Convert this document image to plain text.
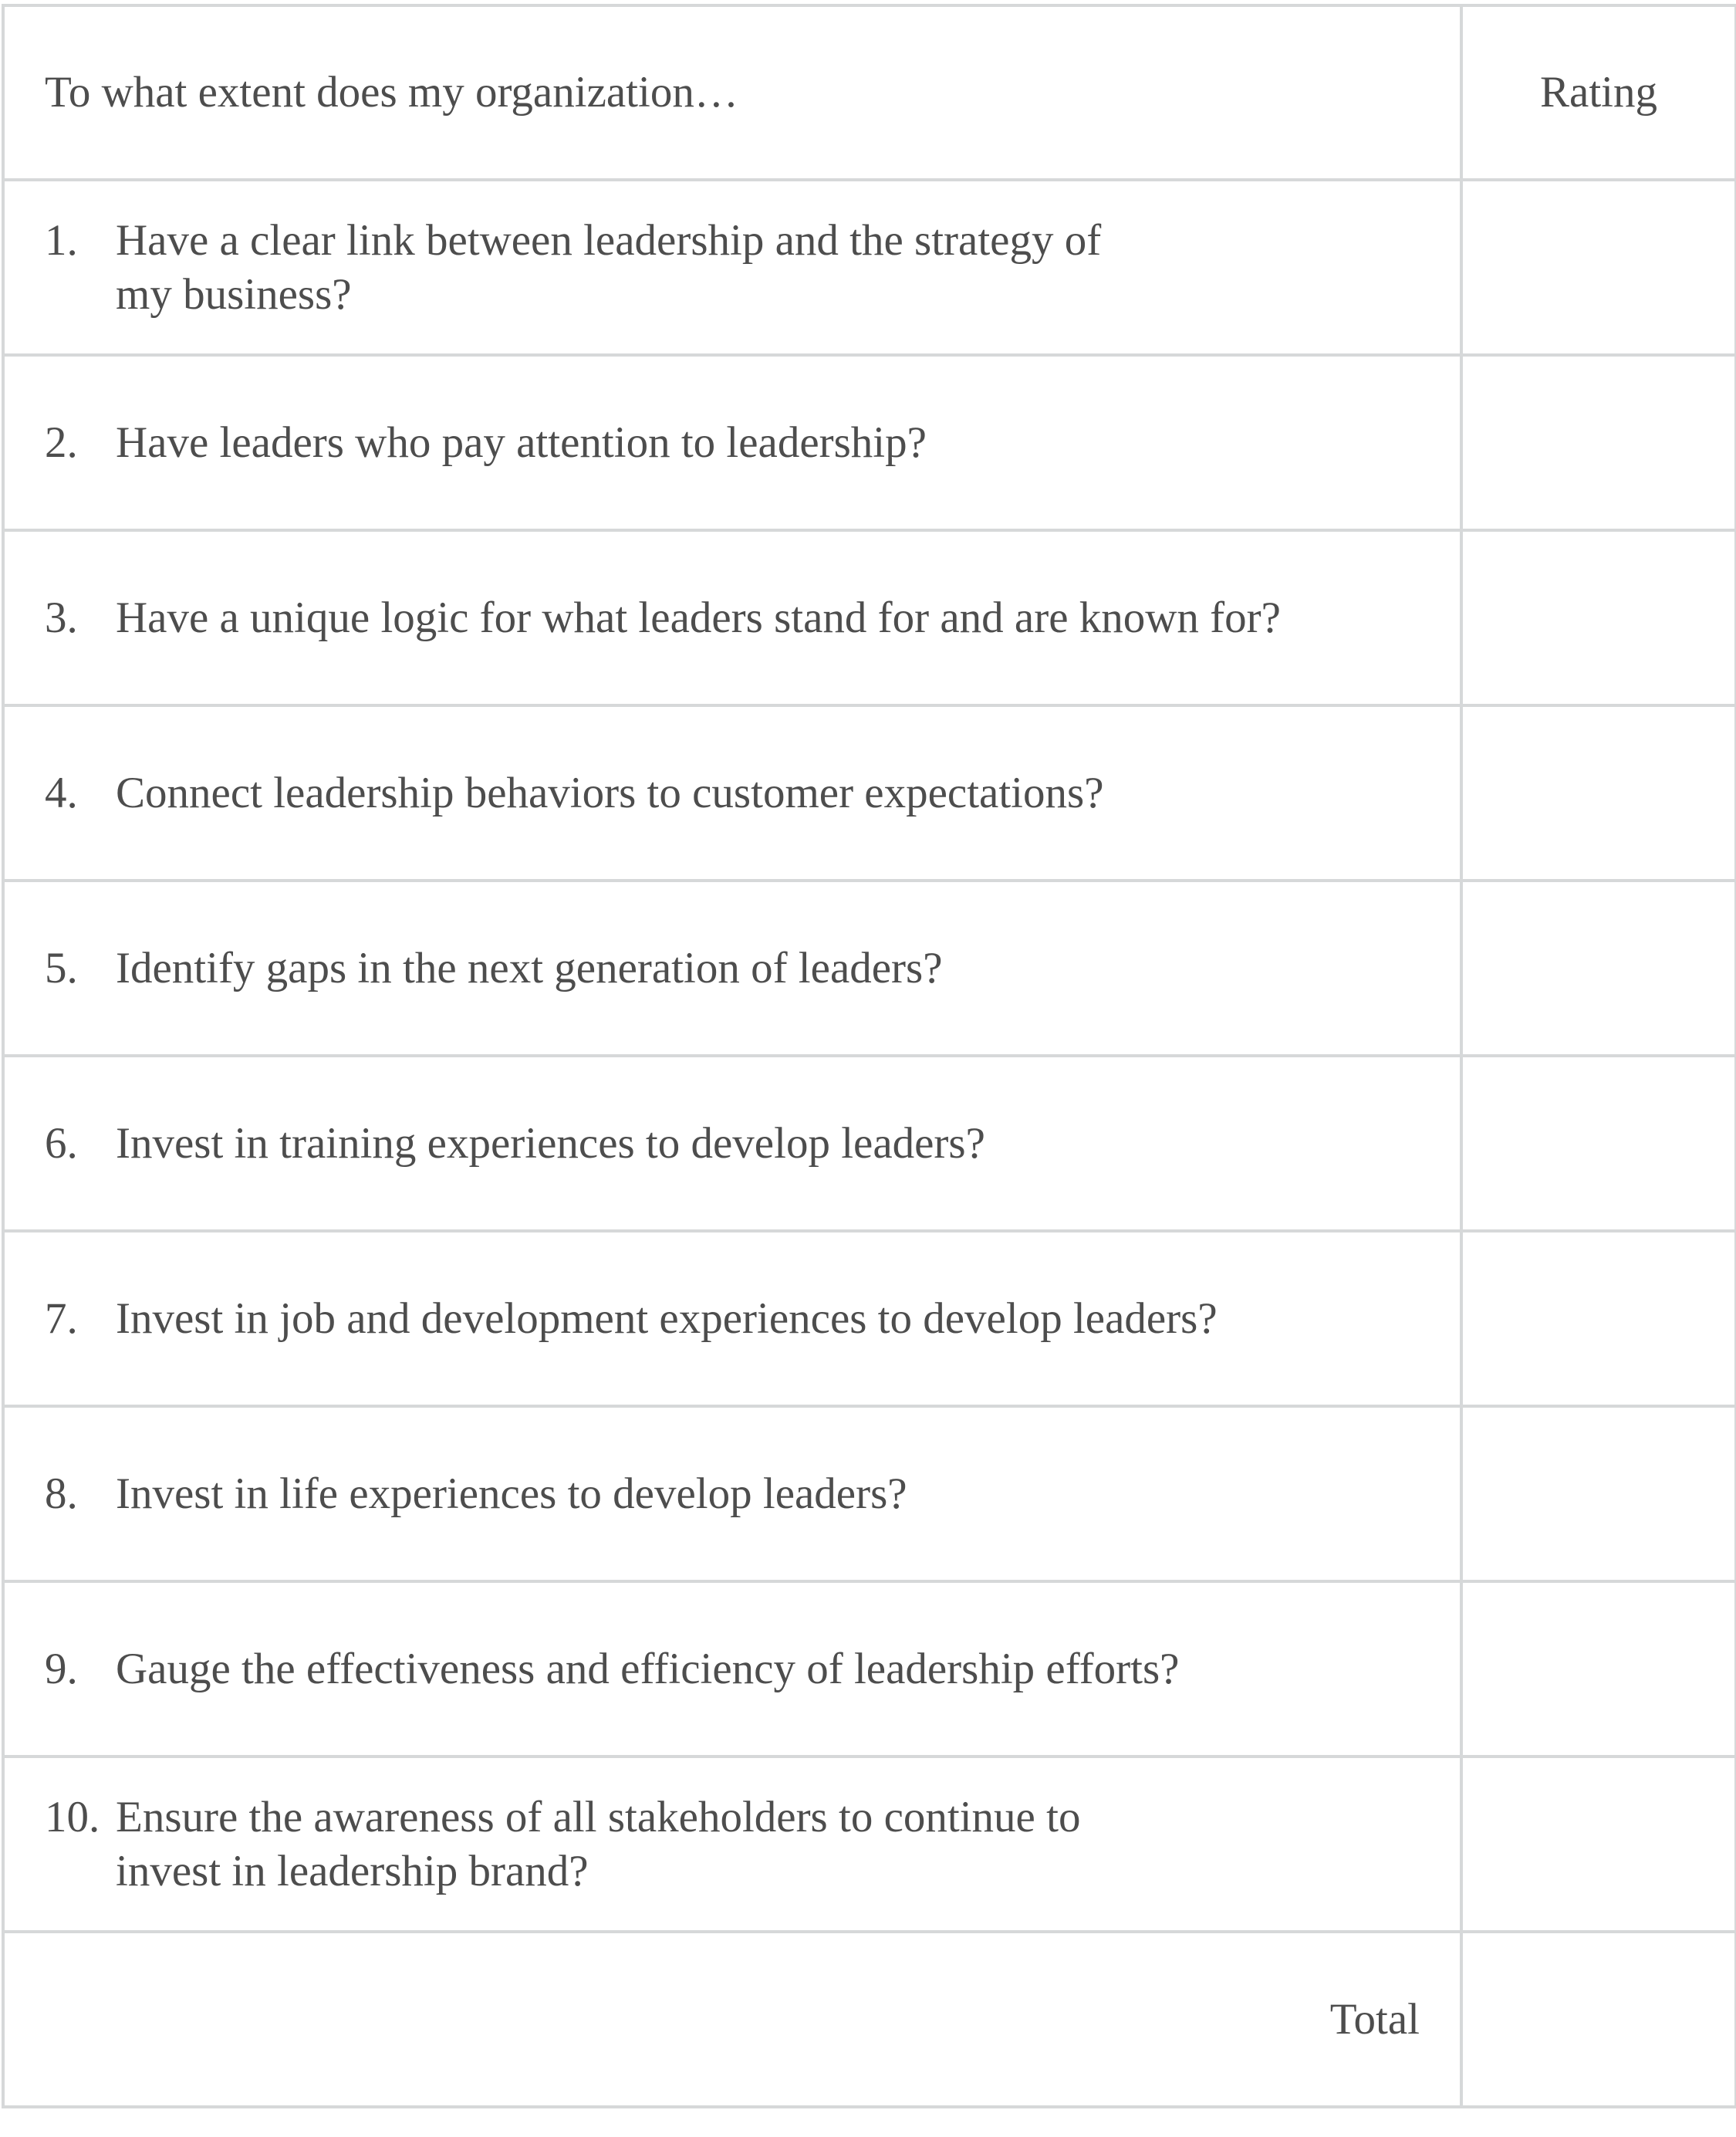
To what extent does my organization…	Rating

1. Have a clear link between leadership and the strategy of
my business?	

2. Have leaders who pay attention to leadership?	

3. Have a unique logic for what leaders stand for and are known for?	

4. Connect leadership behaviors to customer expectations?	

5. Identify gaps in the next generation of leaders?	

6. Invest in training experiences to develop leaders?	

7. Invest in job and development experiences to develop leaders?	

8. Invest in life experiences to develop leaders?	

9. Gauge the effectiveness and efficiency of leadership efforts?	

10. Ensure the awareness of all stakeholders to continue to
invest in leadership brand?	

Total	
